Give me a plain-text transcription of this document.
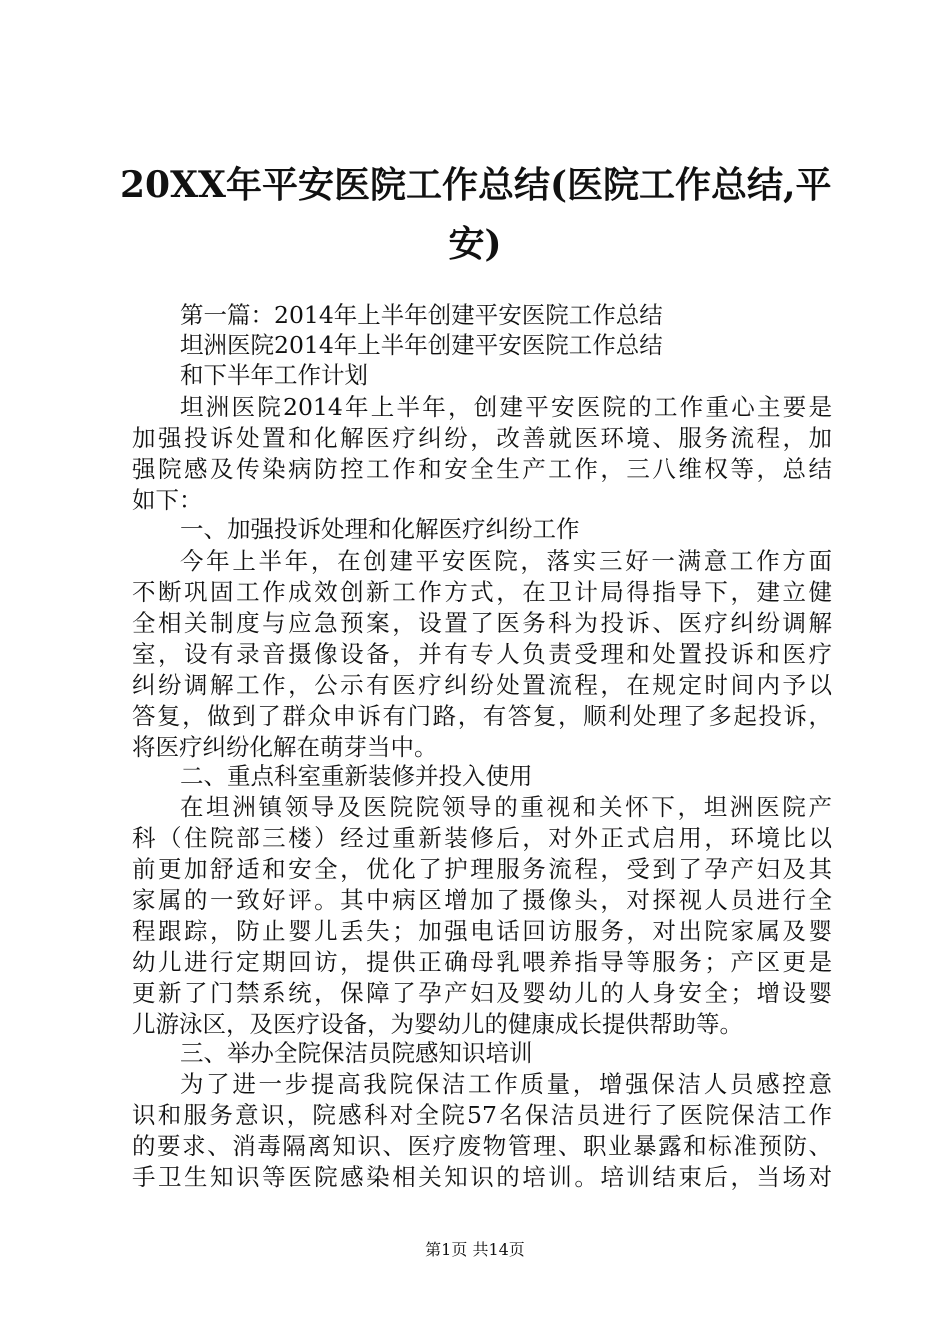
20XX年平安医院工作总结(医院工作总结,平
安)
第一篇：2014年上半年创建平安医院工作总结
坦洲医院2014年上半年创建平安医院工作总结
和下半年工作计划
坦洲医院2014年上半年，创建平安医院的工作重心主要是
加强投诉处置和化解医疗纠纷，改善就医环境、服务流程，加
强院感及传染病防控工作和安全生产工作，三八维权等，总结
如下：
一、加强投诉处理和化解医疗纠纷工作
今年上半年，在创建平安医院，落实三好一满意工作方面
不断巩固工作成效创新工作方式，在卫计局得指导下，建立健
全相关制度与应急预案，设置了医务科为投诉、医疗纠纷调解
室，设有录音摄像设备，并有专人负责受理和处置投诉和医疗
纠纷调解工作，公示有医疗纠纷处置流程，在规定时间内予以
答复，做到了群众申诉有门路，有答复，顺利处理了多起投诉，
将医疗纠纷化解在萌芽当中。
二、重点科室重新装修并投入使用
在坦洲镇领导及医院院领导的重视和关怀下，坦洲医院产
科（住院部三楼）经过重新装修后，对外正式启用，环境比以
前更加舒适和安全，优化了护理服务流程，受到了孕产妇及其
家属的一致好评。其中病区增加了摄像头，对探视人员进行全
程跟踪，防止婴儿丢失；加强电话回访服务，对出院家属及婴
幼儿进行定期回访，提供正确母乳喂养指导等服务；产区更是
更新了门禁系统，保障了孕产妇及婴幼儿的人身安全；增设婴
儿游泳区，及医疗设备，为婴幼儿的健康成长提供帮助等。
三、举办全院保洁员院感知识培训
为了进一步提高我院保洁工作质量，增强保洁人员感控意
识和服务意识，院感科对全院57名保洁员进行了医院保洁工作
的要求、消毒隔离知识、医疗废物管理、职业暴露和标准预防、
手卫生知识等医院感染相关知识的培训。培训结束后，当场对
第1页 共14页
